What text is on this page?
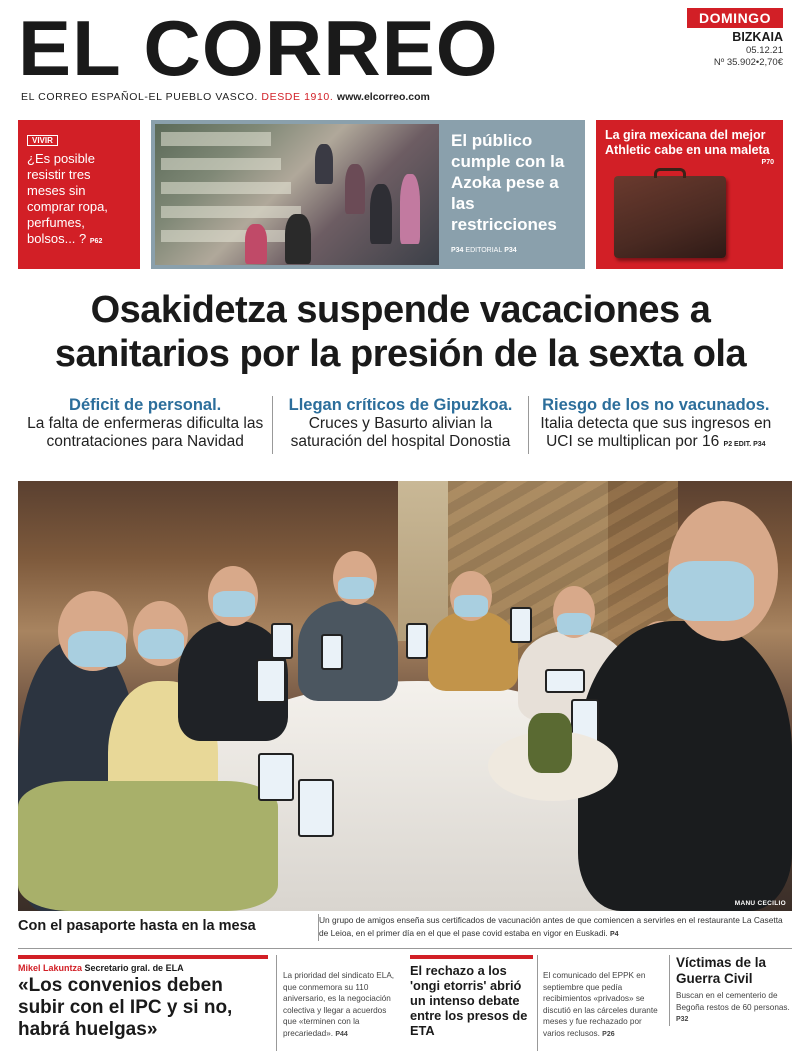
EL CORREO
EL CORREO ESPAÑOL-EL PUEBLO VASCO. DESDE 1910. www.elcorreo.com
DOMINGO
BIZKAIA
05.12.21
Nº 35.902•2,70€
VIVIR
¿Es posible resistir tres meses sin comprar ropa, perfumes, bolsos... ? P62
El público cumple con la Azoka pese a las restricciones
P34 EDITORIAL P34
La gira mexicana del mejor Athletic cabe en una maleta
P70
Osakidetza suspende vacaciones a
sanitarios por la presión de la sexta ola
Déficit de personal.
La falta de enfermeras dificulta las contrataciones para Navidad
Llegan críticos de Gipuzkoa.
Cruces y Basurto alivian la saturación del hospital Donostia
Riesgo de los no vacunados.
Italia detecta que sus ingresos en UCI se multiplican por 16 P2 EDIT. P34
MANU CECILIO
Con el pasaporte hasta en la mesa	Un grupo de amigos enseña sus certificados de vacunación antes de que comiencen a servirles en el restaurante La Casetta de Leioa, en el primer día en el que el pase covid estaba en vigor en Euskadi. P4
Mikel Lakuntza Secretario gral. de ELA
«Los convenios deben subir con el IPC y si no, habrá huelgas»
La prioridad del sindicato ELA, que conmemora su 110 aniversario, es la negociación colectiva y llegar a acuerdos que «terminen con la precariedad». P44
El rechazo a los 'ongi etorris' abrió un intenso debate entre los presos de ETA
El comunicado del EPPK en septiembre que pedía recibimientos «privados» se discutió en las cárceles durante meses y fue rechazado por varios reclusos. P26
Víctimas de la Guerra Civil
Buscan en el cementerio de Begoña restos de 60 personas. P32
